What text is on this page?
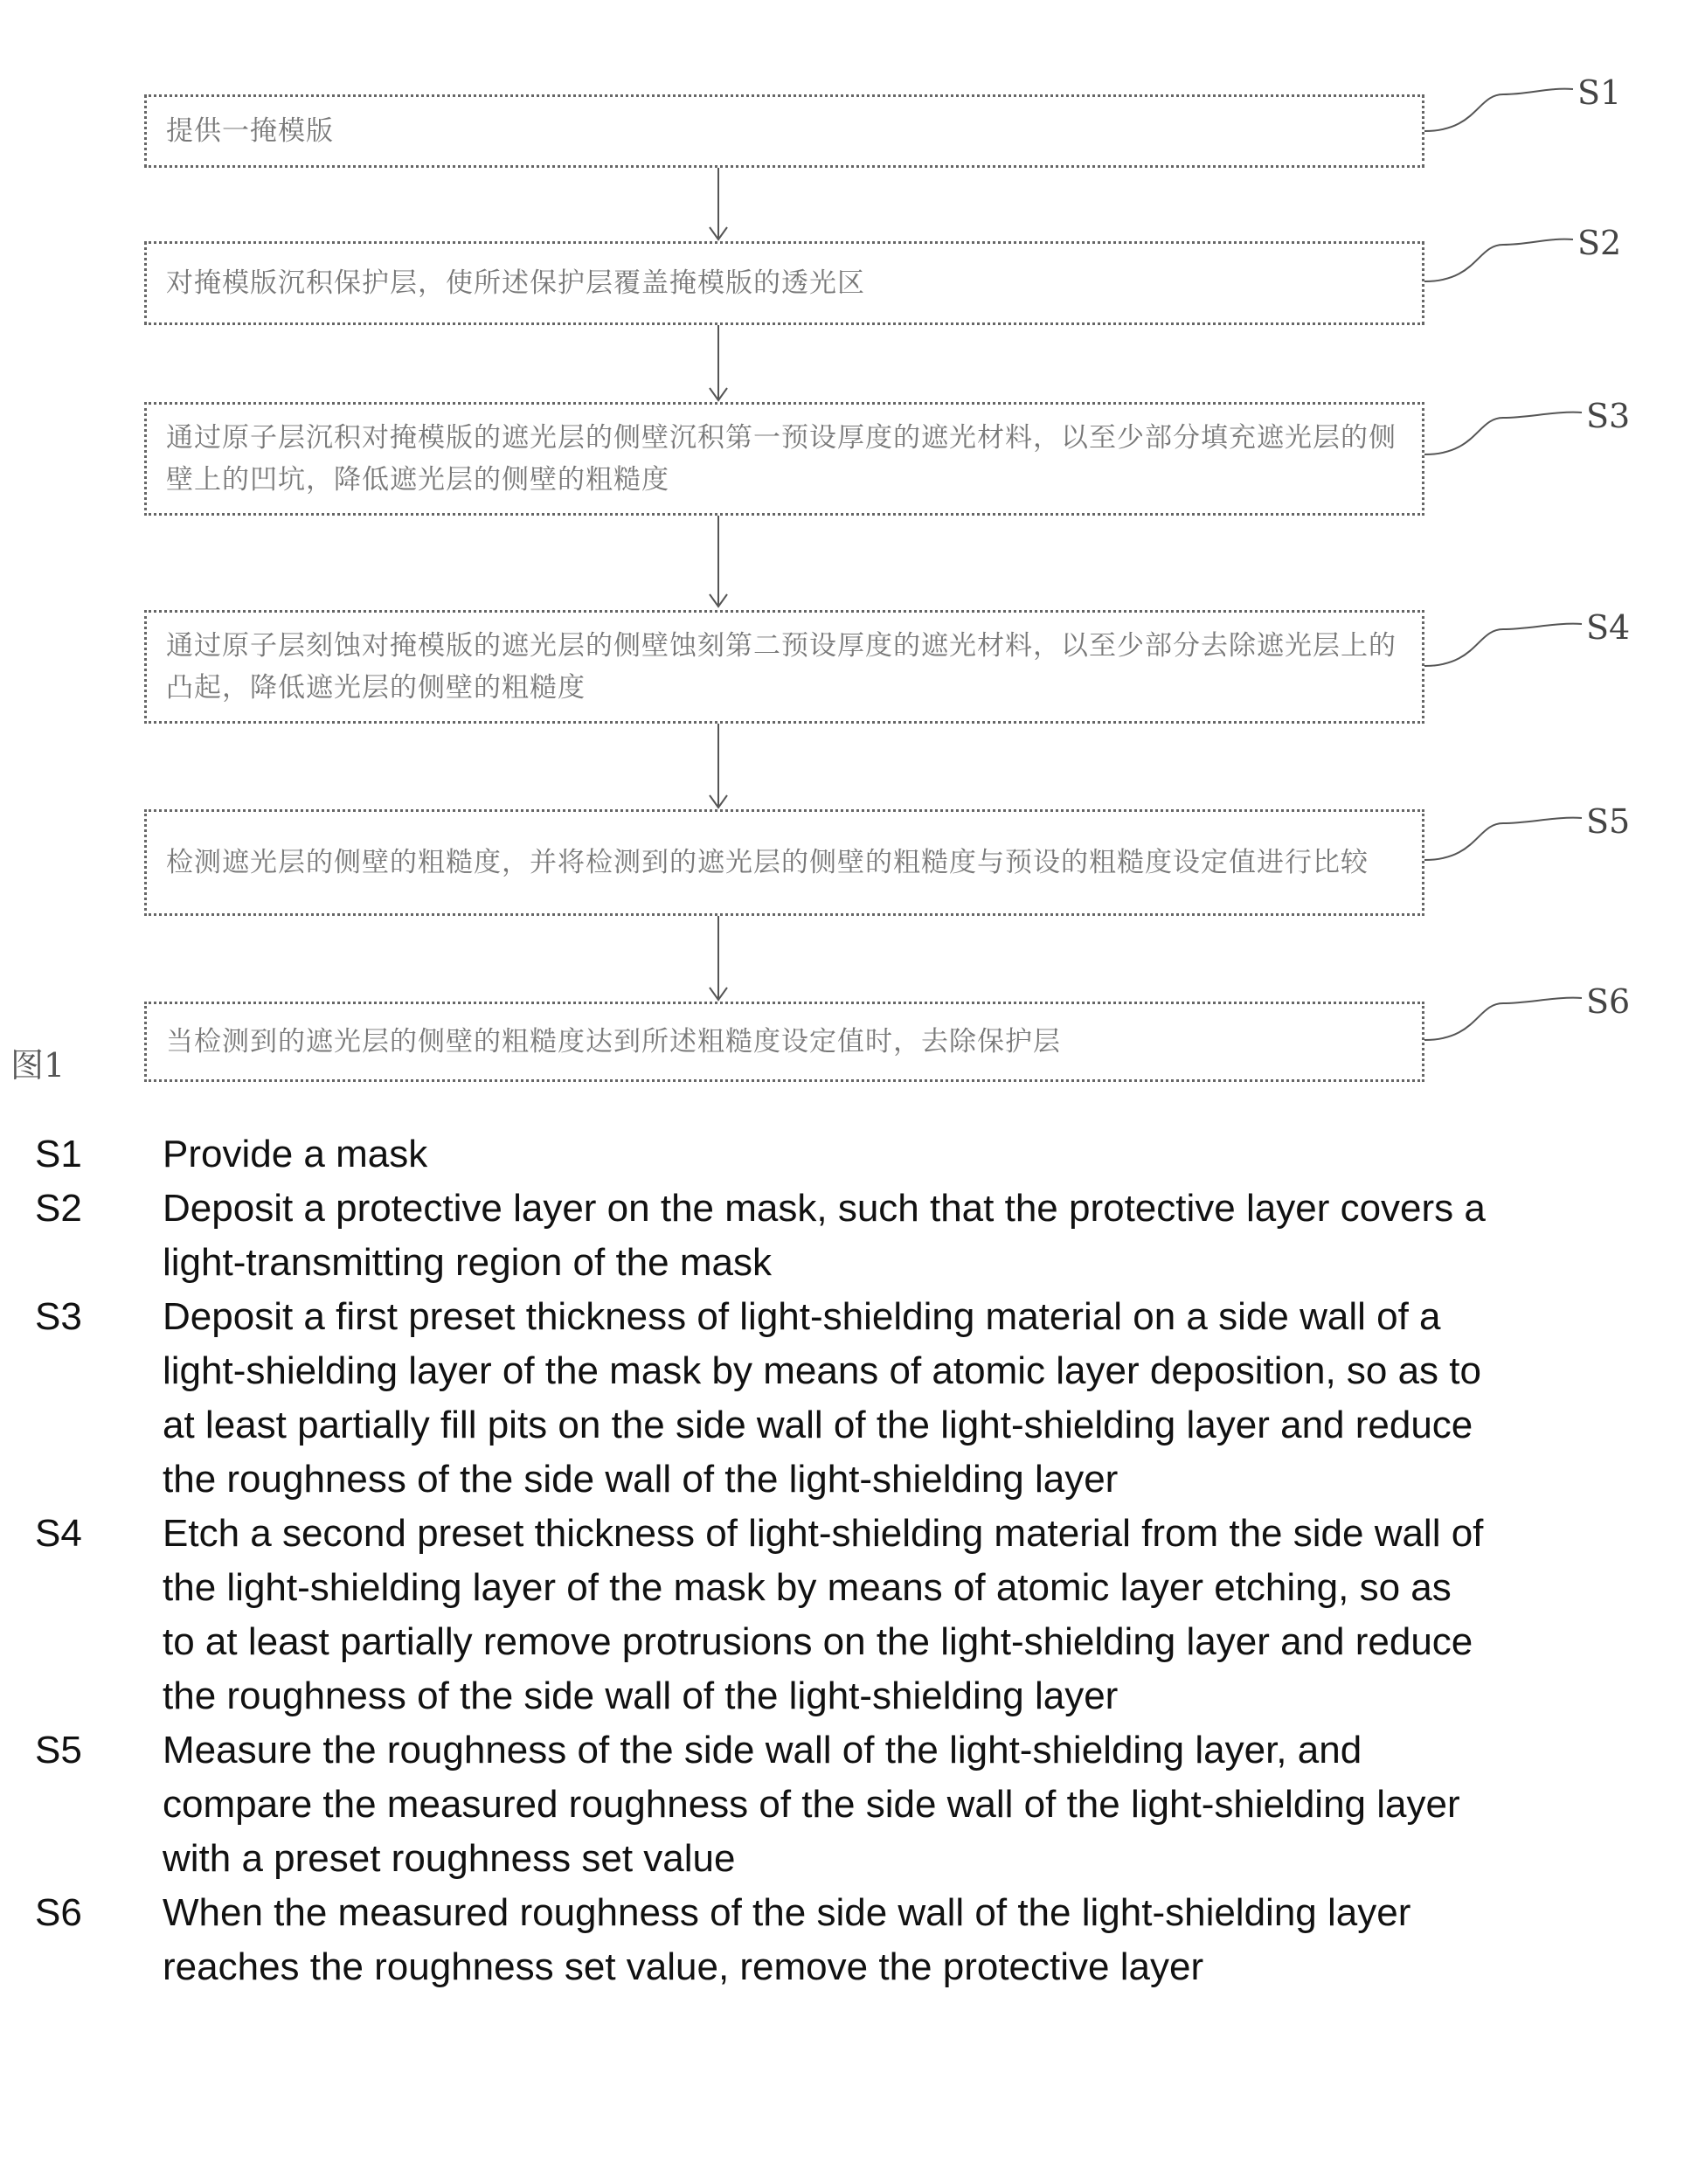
提供一掩模版
对掩模版沉积保护层，使所述保护层覆盖掩模版的透光区
通过原子层沉积对掩模版的遮光层的侧壁沉积第一预设厚度的遮光材料，以至少部分填充遮光层的侧壁上的凹坑，降低遮光层的侧壁的粗糙度
通过原子层刻蚀对掩模版的遮光层的侧壁蚀刻第二预设厚度的遮光材料，以至少部分去除遮光层上的凸起，降低遮光层的侧壁的粗糙度
检测遮光层的侧壁的粗糙度，并将检测到的遮光层的侧壁的粗糙度与预设的粗糙度设定值进行比较
当检测到的遮光层的侧壁的粗糙度达到所述粗糙度设定值时，去除保护层
S1
S2
S3
S4
S5
S6
图1
S1	Provide a mask
S2	Deposit a protective layer on the mask, such that the protective layer covers a light-transmitting region of the mask
S3	Deposit a first preset thickness of light-shielding material on a side wall of a light-shielding layer of the mask by means of atomic layer deposition, so as to at least partially fill pits on the side wall of the light-shielding layer and reduce the roughness of the side wall of the light-shielding layer
S4	Etch a second preset thickness of light-shielding material from the side wall of the light-shielding layer of the mask by means of atomic layer etching, so as to at least partially remove protrusions on the light-shielding layer and reduce the roughness of the side wall of the light-shielding layer
S5	Measure the roughness of the side wall of the light-shielding layer, and compare the measured roughness of the side wall of the light-shielding layer with a preset roughness set value
S6	When the measured roughness of the side wall of the light-shielding layer reaches the roughness set value, remove the protective layer
